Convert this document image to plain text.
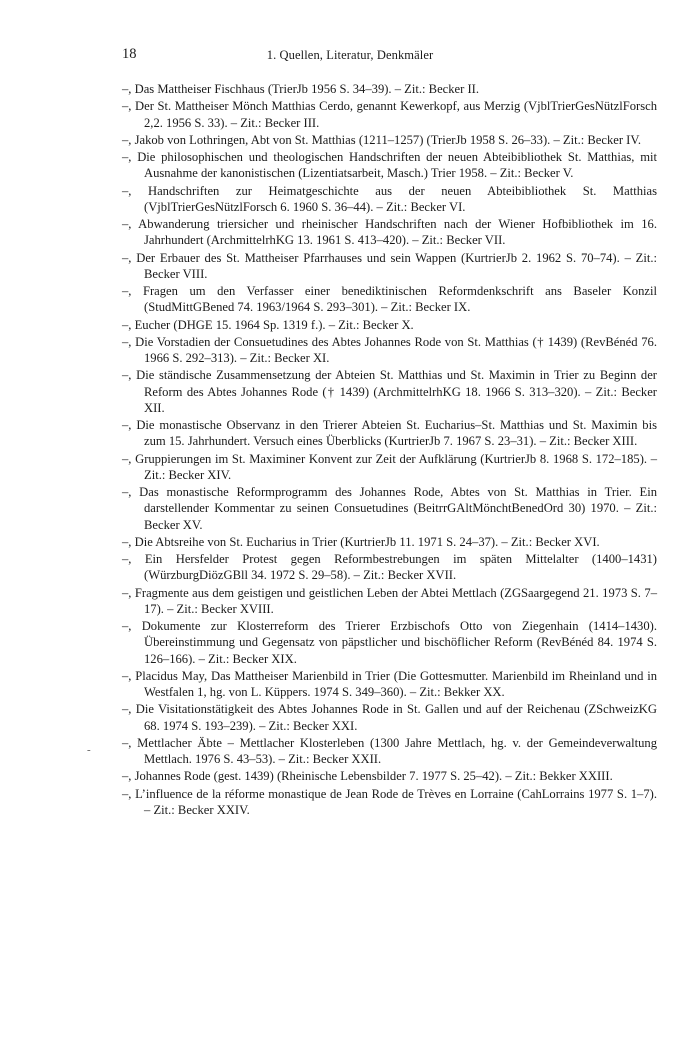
18	1. Quellen, Literatur, Denkmäler
-

–, Das Mattheiser Fischhaus (TrierJb 1956 S. 34–39). – Zit.: Becker II.

–, Der St. Mattheiser Mönch Matthias Cerdo, genannt Kewerkopf, aus Merzig (VjblTrierGesNützlForsch 2,2. 1956 S. 33). – Zit.: Becker III.

–, Jakob von Lothringen, Abt von St. Matthias (1211–1257) (TrierJb 1958 S. 26–33). – Zit.: Becker IV.

–, Die philosophischen und theologischen Handschriften der neuen Abteibibliothek St. Matthias, mit Ausnahme der kanonistischen (Lizentiatsarbeit, Masch.) Trier 1958. – Zit.: Becker V.

–, Handschriften zur Heimatgeschichte aus der neuen Abteibibliothek St. Matthias (VjblTrierGesNützlForsch 6. 1960 S. 36–44). – Zit.: Becker VI.

–, Abwanderung triersicher und rheinischer Handschriften nach der Wiener Hofbibliothek im 16. Jahrhundert (ArchmittelrhKG 13. 1961 S. 413–420). – Zit.: Becker VII.

–, Der Erbauer des St. Mattheiser Pfarrhauses und sein Wappen (KurtrierJb 2. 1962 S. 70–74). – Zit.: Becker VIII.

–, Fragen um den Verfasser einer benediktinischen Reformdenkschrift ans Baseler Konzil (StudMittGBened 74. 1963/1964 S. 293–301). – Zit.: Becker IX.

–, Eucher (DHGE 15. 1964 Sp. 1319 f.). – Zit.: Becker X.

–, Die Vorstadien der Consuetudines des Abtes Johannes Rode von St. Matthias († 1439) (RevBénéd 76. 1966 S. 292–313). – Zit.: Becker XI.

–, Die ständische Zusammensetzung der Abteien St. Matthias und St. Maximin in Trier zu Beginn der Reform des Abtes Johannes Rode († 1439) (ArchmittelrhKG 18. 1966 S. 313–320). – Zit.: Becker XII.

–, Die monastische Observanz in den Trierer Abteien St. Eucharius–St. Matthias und St. Maximin bis zum 15. Jahrhundert. Versuch eines Überblicks (KurtrierJb 7. 1967 S. 23–31). – Zit.: Becker XIII.

–, Gruppierungen im St. Maximiner Konvent zur Zeit der Aufklärung (KurtrierJb 8. 1968 S. 172–185). – Zit.: Becker XIV.

–, Das monastische Reformprogramm des Johannes Rode, Abtes von St. Matthias in Trier. Ein darstellender Kommentar zu seinen Consuetudines (BeitrrGAltMönchtBenedOrd 30) 1970. – Zit.: Becker XV.

–, Die Abtsreihe von St. Eucharius in Trier (KurtrierJb 11. 1971 S. 24–37). – Zit.: Becker XVI.

–, Ein Hersfelder Protest gegen Reformbestrebungen im späten Mittelalter (1400–1431) (WürzburgDiözGBll 34. 1972 S. 29–58). – Zit.: Becker XVII.

–, Fragmente aus dem geistigen und geistlichen Leben der Abtei Mettlach (ZGSaargegend 21. 1973 S. 7–17). – Zit.: Becker XVIII.

–, Dokumente zur Klosterreform des Trierer Erzbischofs Otto von Ziegenhain (1414–1430). Übereinstimmung und Gegensatz von päpstlicher und bischöflicher Reform (RevBénéd 84. 1974 S. 126–166). – Zit.: Becker XIX.

–, Placidus May, Das Mattheiser Marienbild in Trier (Die Gottesmutter. Marienbild im Rheinland und in Westfalen 1, hg. von L. Küppers. 1974 S. 349–360). – Zit.: Bekker XX.

–, Die Visitationstätigkeit des Abtes Johannes Rode in St. Gallen und auf der Reichenau (ZSchweizKG 68. 1974 S. 193–239). – Zit.: Becker XXI.

–, Mettlacher Äbte – Mettlacher Klosterleben (1300 Jahre Mettlach, hg. v. der Gemeindeverwaltung Mettlach. 1976 S. 43–53). – Zit.: Becker XXII.

–, Johannes Rode (gest. 1439) (Rheinische Lebensbilder 7. 1977 S. 25–42). – Zit.: Bekker XXIII.

–, L’influence de la réforme monastique de Jean Rode de Trèves en Lorraine (CahLorrains 1977 S. 1–7). – Zit.: Becker XXIV.
